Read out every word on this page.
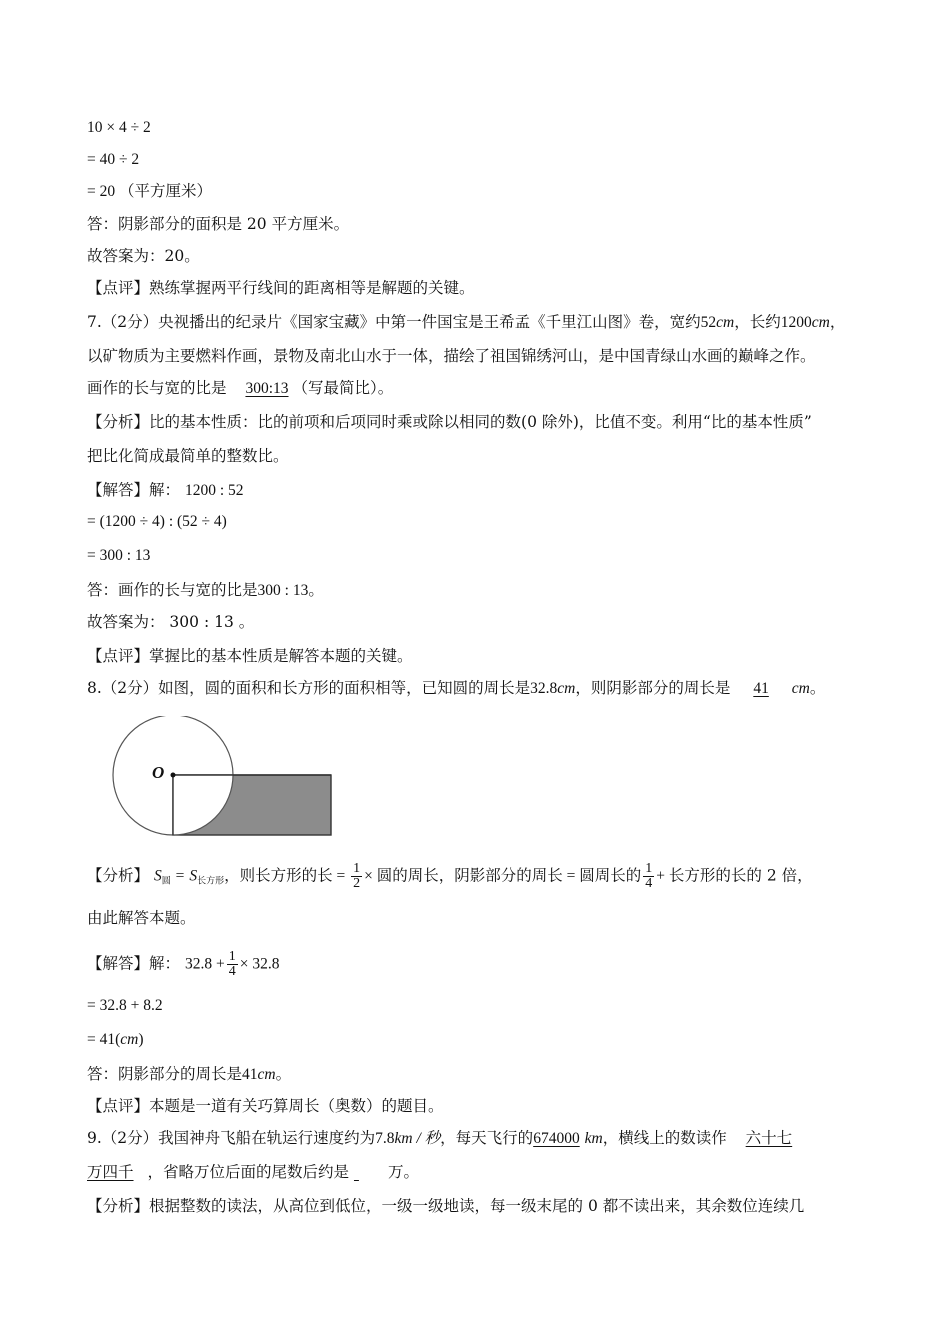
10 × 4 ÷ 2
= 40 ÷ 2
= 20 （平方厘米）
答：阴影部分的面积是 20 平方厘米。
故答案为：20。
【点评】熟练掌握两平行线间的距离相等是解题的关键。
7.（2分）央视播出的纪录片《国家宝藏》中第一件国宝是王希孟《千里江山图》卷，宽约52cm，长约1200cm，
以矿物质为主要燃料作画，景物及南北山水于一体，描绘了祖国锦绣河山，是中国青绿山水画的巅峰之作。
画作的长与宽的比是 300:13 （写最简比）。
【分析】比的基本性质：比的前项和后项同时乘或除以相同的数(0 除外)，比值不变。利用“比的基本性质”
把比化简成最简单的整数比。
【解答】解： 1200 : 52
= (1200 ÷ 4) : (52 ÷ 4)
= 300 : 13
答：画作的长与宽的比是300 : 13。
故答案为： 300 : 13 。
【点评】掌握比的基本性质是解答本题的关键。
8.（2分）如图，圆的面积和长方形的面积相等，已知圆的周长是32.8cm，则阴影部分的周长是 41 cm。
O
【分析】 $S_圆 = S_{长方形}$，则长方形的长 = $\frac{1}{2}$ × 圆的周长，阴影部分的周长 = 圆周长的 $\frac{1}{4}$ + 长方形的长的 2 倍，
由此解答本题。
【解答】解： $32.8 + \frac{1}{4} \times 32.8$
= 32.8 + 8.2
= 41(cm)
答：阴影部分的周长是41cm。
【点评】本题是一道有关巧算周长（奥数）的题目。
9.（2分）我国神舟飞船在轨运行速度约为7.8km / 秒，每天飞行的674000 km，横线上的数读作 六十七
万四千 ，省略万位后面的尾数后约是	万。
【分析】根据整数的读法，从高位到低位，一级一级地读，每一级末尾的 0 都不读出来，其余数位连续几
